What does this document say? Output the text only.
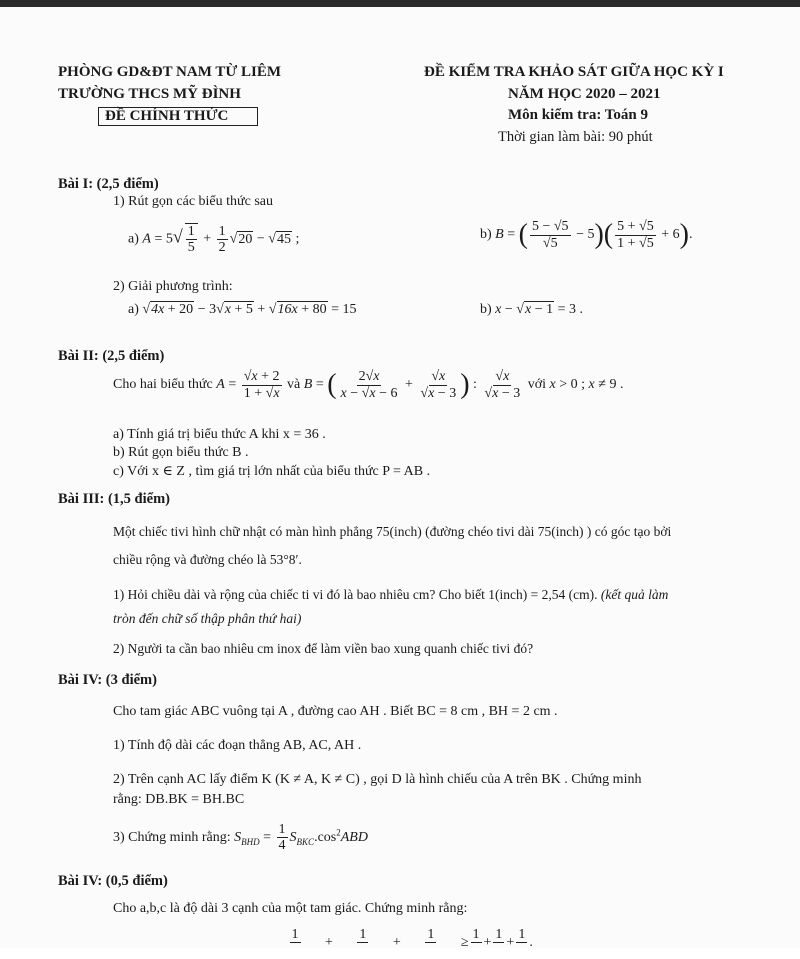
PHÒNG GD&ĐT NAM TỪ LIÊM
TRƯỜNG THCS MỸ ĐÌNH
ĐỀ CHÍNH THỨC
ĐỀ KIỂM TRA KHẢO SÁT GIỮA HỌC KỲ I
NĂM HỌC 2020 – 2021
Môn kiểm tra: Toán 9
Thời gian làm bài: 90 phút
Bài I: (2,5 điểm)
1) Rút gọn các biểu thức sau
a) $A = 5√ \frac{1}{5} + \frac{1}{2} √20 - √45$ ;	b) B = ( $\frac{5 - √5}{√5} - 5)( \frac{5 + √5}{1 + √5} + 6)$.
2) Giải phương trình:
a) √4x + 20 − 3√x + 5 + √16x + 80 = 15	b) x − √x − 1 = 3 .
Bài II: (2,5 điểm)
Cho hai biểu thức $A = \frac{√x + 2}{1 + √x}$ và B = ( $\frac{2√x}{x - √x - 6} + \frac{√x}{√x - 3}$ ) : $\frac{√x}{√x - 3}$ với x > 0 ; x ≠ 9 .
a) Tính giá trị biểu thức A khi x = 36 .
b) Rút gọn biểu thức B .
c) Với x ∈ Z , tìm giá trị lớn nhất của biểu thức P = AB .
Bài III: (1,5 điểm)
Một chiếc tivi hình chữ nhật có màn hình phẳng 75(inch) (đường chéo tivi dài 75(inch) ) có góc tạo bởi
chiều rộng và đường chéo là 53°8′.
1) Hỏi chiều dài và rộng của chiếc ti vi đó là bao nhiêu cm? Cho biết 1(inch) = 2,54 (cm). (kết quả làm
tròn đến chữ số thập phân thứ hai)
2) Người ta cần bao nhiêu cm inox để làm viền bao xung quanh chiếc tivi đó?
Bài IV: (3 điểm)
Cho tam giác ABC vuông tại A , đường cao AH . Biết BC = 8 cm , BH = 2 cm .
1) Tính độ dài các đoạn thẳng AB, AC, AH .
2) Trên cạnh AC lấy điểm K (K ≠ A, K ≠ C) , gọi D là hình chiếu của A trên BK . Chứng minh
rằng: DB.BK = BH.BC
3) Chứng minh rằng: $S_{BHD} = \frac{1}{4} S_{BKC}.\cos^2ABD$
Bài IV: (0,5 điểm)
Cho a,b,c là độ dài 3 cạnh của một tam giác. Chứng minh rằng:
1

+
1

+
1

≥
1

+
1

+
1

.
